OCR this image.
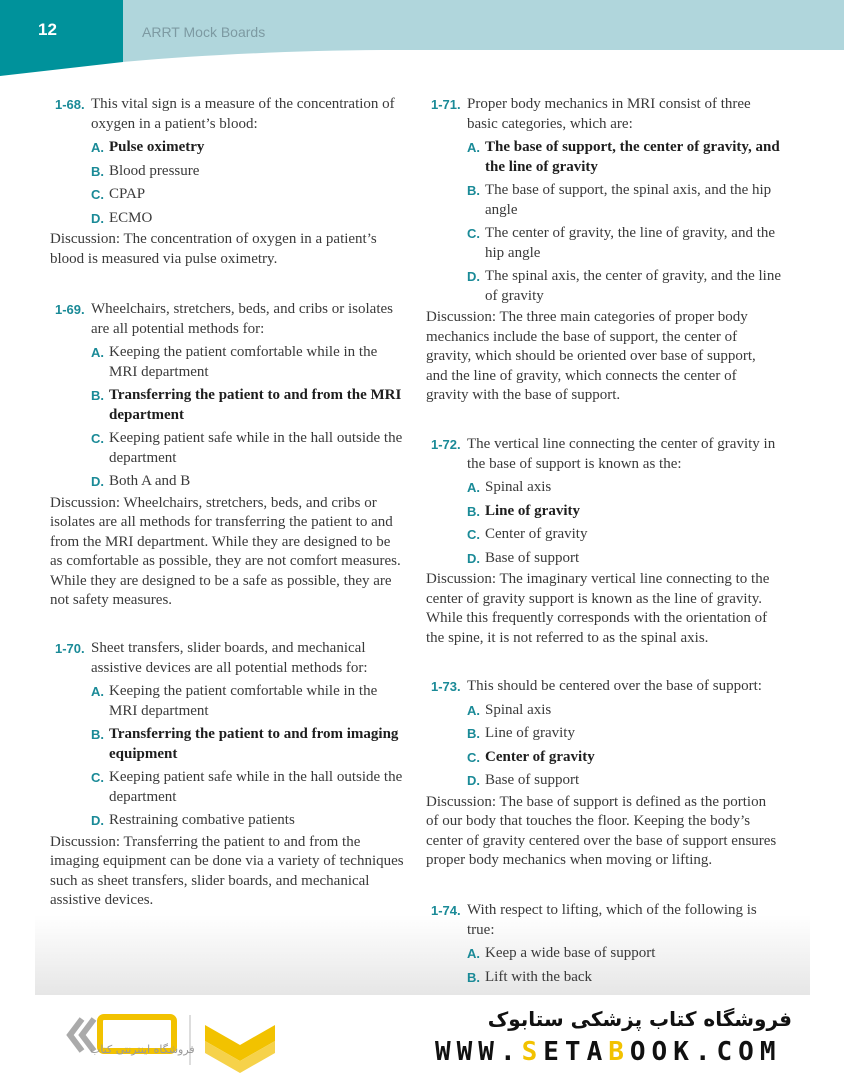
12	ARRT Mock Boards
1-68. This vital sign is a measure of the concentration of oxygen in a patient’s blood:
A. Pulse oximetry
B. Blood pressure
C. CPAP
D. ECMO
Discussion: The concentration of oxygen in a patient’s blood is measured via pulse oximetry.
1-69. Wheelchairs, stretchers, beds, and cribs or isolates are all potential methods for:
A. Keeping the patient comfortable while in the MRI department
B. Transferring the patient to and from the MRI department
C. Keeping patient safe while in the hall outside the department
D. Both A and B
Discussion: Wheelchairs, stretchers, beds, and cribs or isolates are all methods for transferring the patient to and from the MRI department. While they are designed to be as comfortable as possible, they are not comfort measures. While they are designed to be a safe as possible, they are not safety measures.
1-70. Sheet transfers, slider boards, and mechanical assistive devices are all potential methods for:
A. Keeping the patient comfortable while in the MRI department
B. Transferring the patient to and from imaging equipment
C. Keeping patient safe while in the hall outside the department
D. Restraining combative patients
Discussion: Transferring the patient to and from the imaging equipment can be done via a variety of techniques such as sheet transfers, slider boards, and mechanical assistive devices.
1-71. Proper body mechanics in MRI consist of three basic categories, which are:
A. The base of support, the center of gravity, and the line of gravity
B. The base of support, the spinal axis, and the hip angle
C. The center of gravity, the line of gravity, and the hip angle
D. The spinal axis, the center of gravity, and the line of gravity
Discussion: The three main categories of proper body mechanics include the base of support, the center of gravity, which should be oriented over base of support, and the line of gravity, which connects the center of gravity with the base of support.
1-72. The vertical line connecting the center of gravity in the base of support is known as the:
A. Spinal axis
B. Line of gravity
C. Center of gravity
D. Base of support
Discussion: The imaginary vertical line connecting to the center of gravity support is known as the line of gravity. While this frequently corresponds with the orientation of the spine, it is not referred to as the spinal axis.
1-73. This should be centered over the base of support:
A. Spinal axis
B. Line of gravity
C. Center of gravity
D. Base of support
Discussion: The base of support is defined as the portion of our body that touches the floor. Keeping the body’s center of gravity centered over the base of support ensures proper body mechanics when moving or lifting.
1-74. With respect to lifting, which of the following is true:
A. Keep a wide base of support
B. Lift with the back
فروشگاه اینترنتی کتاب
فروشگاه کتاب پزشکی ستابوک
WWW.SETABOOK.COM
